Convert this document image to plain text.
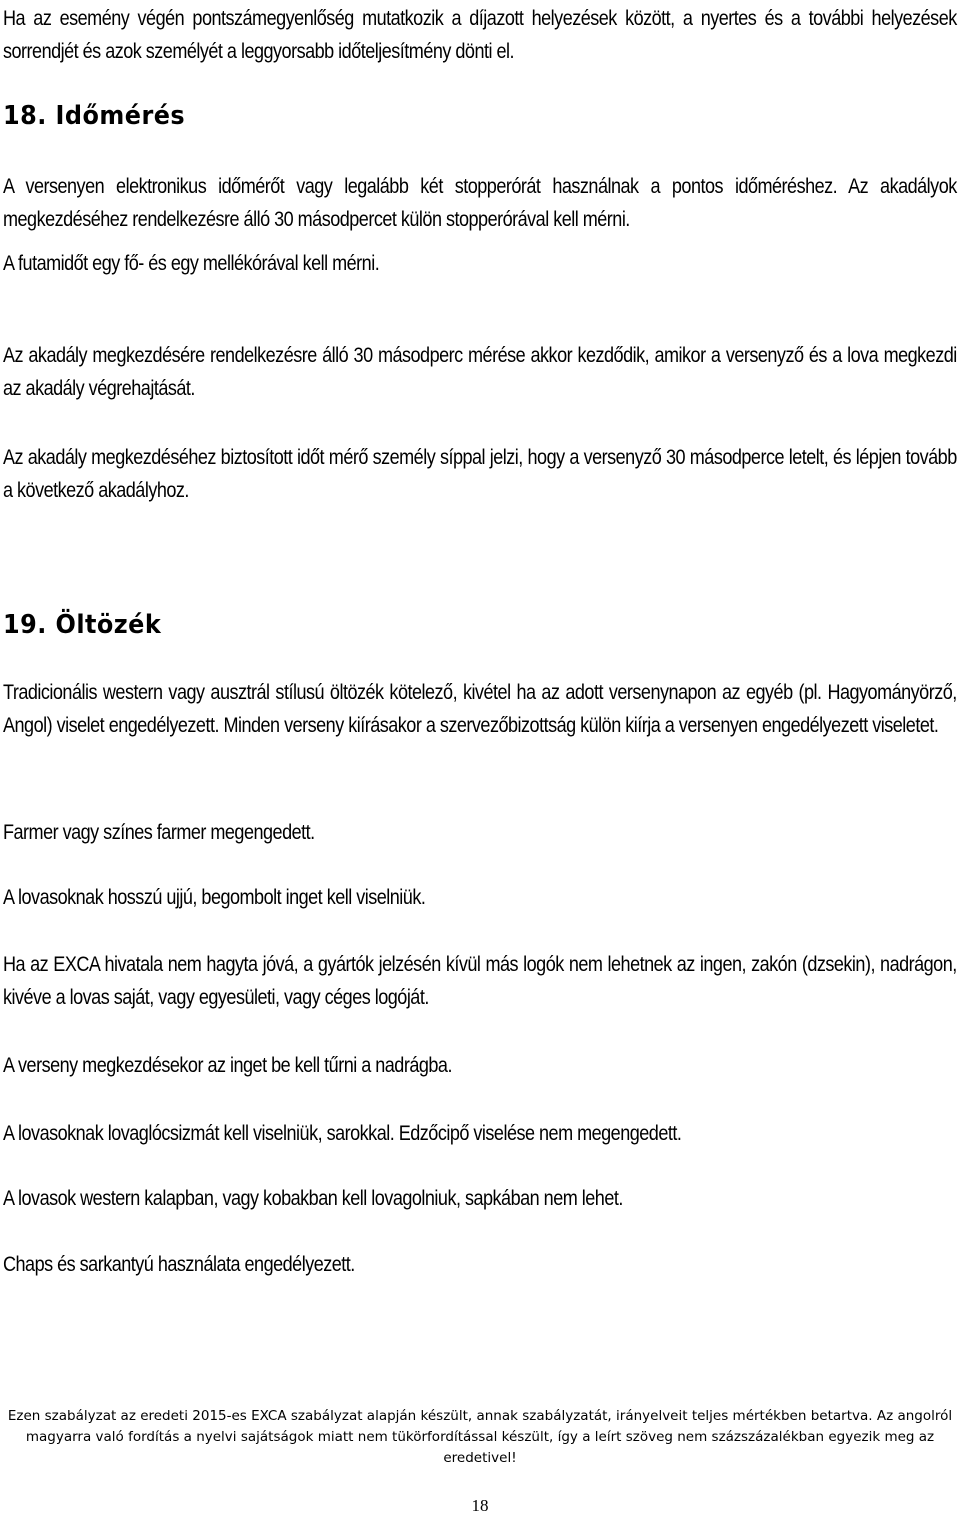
Ha az esemény végén pontszámegyenlőség mutatkozik a díjazott helyezések között, a nyertes és a további helyezések sorrendjét és azok személyét a leggyorsabb időteljesítmény dönti el.

18. Időmérés

A versenyen elektronikus időmérőt vagy legalább két stopperórát használnak a pontos időméréshez. Az akadályok megkezdéséhez rendelkezésre álló 30 másodpercet külön stopperórával kell mérni.

A futamidőt egy fő- és egy mellékórával kell mérni.

Az akadály megkezdésére rendelkezésre álló 30 másodperc mérése akkor kezdődik, amikor a versenyző és a lova megkezdi az akadály végrehajtását.

Az akadály megkezdéséhez biztosított időt mérő személy síppal jelzi, hogy a versenyző 30 másodperce letelt, és lépjen tovább a következő akadályhoz.

19. Öltözék

Tradicionális western vagy ausztrál stílusú öltözék kötelező, kivétel ha az adott versenynapon az egyéb (pl. Hagyományörző, Angol) viselet engedélyezett. Minden verseny kiírásakor a szervezőbizottság külön kiírja a versenyen engedélyezett viseletet.

Farmer vagy színes farmer megengedett.

A lovasoknak hosszú ujjú, begombolt inget kell viselniük.

Ha az EXCA hivatala nem hagyta jóvá, a gyártók jelzésén kívül más logók nem lehetnek az ingen, zakón (dzsekin), nadrágon, kivéve a lovas saját, vagy egyesületi, vagy céges logóját.

A verseny megkezdésekor az inget be kell tűrni a nadrágba.

A lovasoknak lovaglócsizmát kell viselniük, sarokkal. Edzőcipő viselése nem megengedett.

A lovasok western kalapban, vagy kobakban kell lovagolniuk, sapkában nem lehet.

Chaps és sarkantyú használata engedélyezett.

Ezen szabályzat az eredeti 2015-es EXCA szabályzat alapján készült, annak szabályzatát, irányelveit teljes mértékben betartva. Az angolról magyarra való fordítás a nyelvi sajátságok miatt nem tükörfordítással készült, így a leírt szöveg nem százszázalékban egyezik meg az eredetivel!

18
